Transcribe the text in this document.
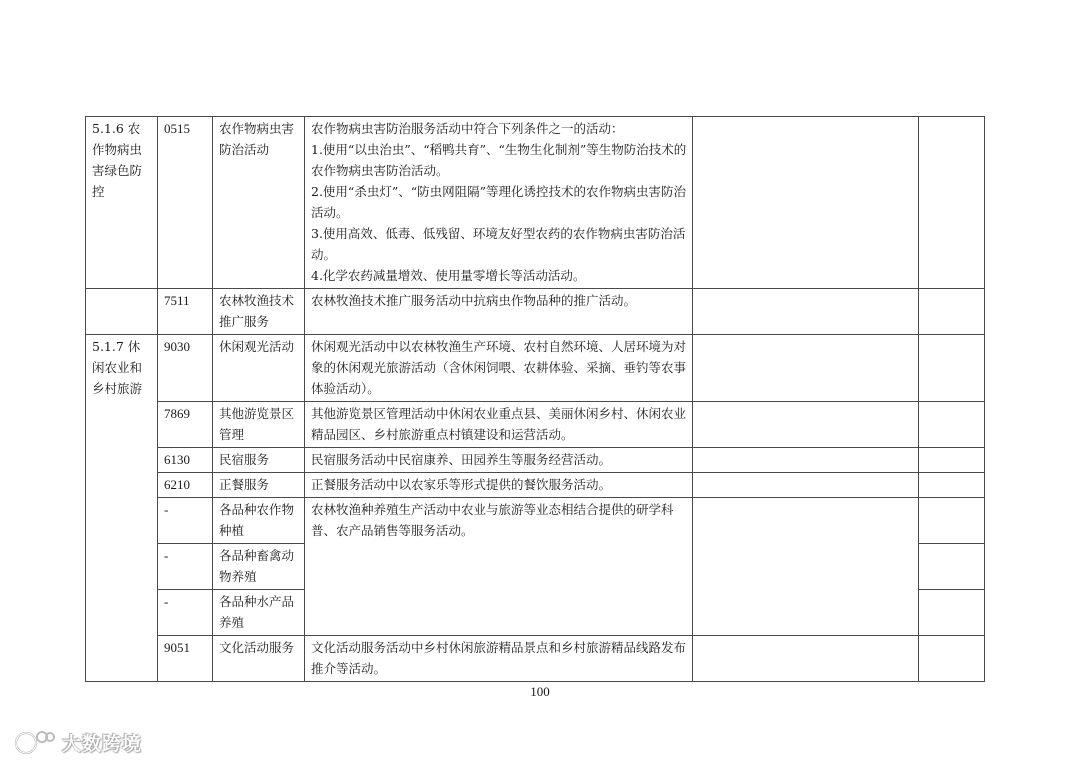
5.1.6 农作物病虫害绿色防控	0515	农作物病虫害防治活动	农作物病虫害防治服务活动中符合下列条件之一的活动：
1.使用“以虫治虫”、“稻鸭共育”、“生物生化制剂”等生物防治技术的农作物病虫害防治活动。
2.使用“杀虫灯”、“防虫网阻隔”等理化诱控技术的农作物病虫害防治活动。
3.使用高效、低毒、低残留、环境友好型农药的农作物病虫害防治活动。
4.化学农药减量增效、使用量零增长等活动活动。		

	7511	农林牧渔技术推广服务	农林牧渔技术推广服务活动中抗病虫作物品种的推广活动。		
5.1.7 休闲农业和乡村旅游	9030	休闲观光活动	休闲观光活动中以农林牧渔生产环境、农村自然环境、人居环境为对象的休闲观光旅游活动（含休闲饲喂、农耕体验、采摘、垂钓等农事体验活动）。		
	7869	其他游览景区管理	其他游览景区管理活动中休闲农业重点县、美丽休闲乡村、休闲农业精品园区、乡村旅游重点村镇建设和运营活动。		
	6130	民宿服务	民宿服务活动中民宿康养、田园养生等服务经营活动。		
	6210	正餐服务	正餐服务活动中以农家乐等形式提供的餐饮服务活动。		
	-	各品种农作物种植	农林牧渔种养殖生产活动中农业与旅游等业态相结合提供的研学科普、农产品销售等服务活动。		
	-	各品种畜禽动物养殖			
	-	各品种水产品养殖			
	9051	文化活动服务	文化活动服务活动中乡村休闲旅游精品景点和乡村旅游精品线路发布推介等活动。		
100
大数跨境
